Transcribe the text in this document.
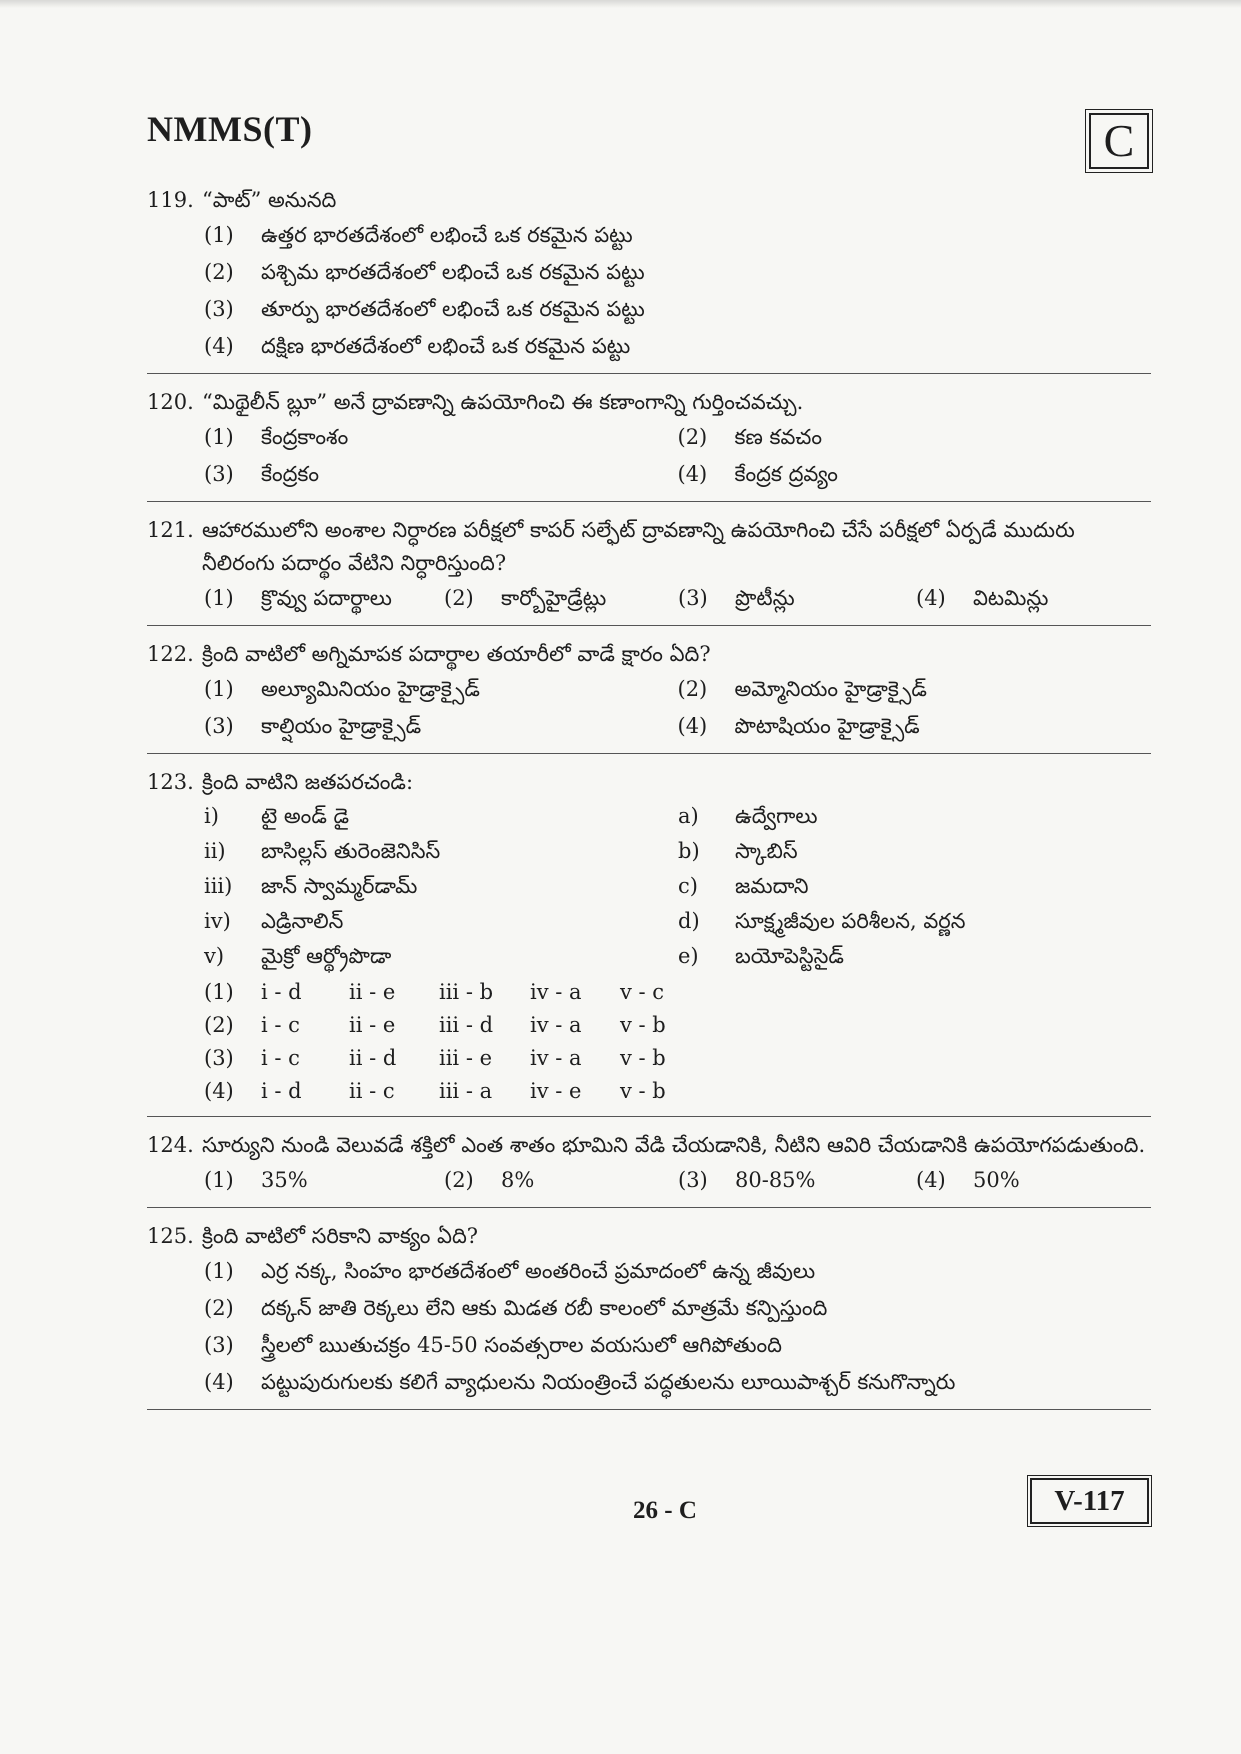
NMMS(T)	C
119. “పాట్” అనునది
(1)	ఉత్తర భారతదేశంలో లభించే ఒక రకమైన పట్టు
(2)	పశ్చిమ భారతదేశంలో లభించే ఒక రకమైన పట్టు
(3)	తూర్పు భారతదేశంలో లభించే ఒక రకమైన పట్టు
(4)	దక్షిణ భారతదేశంలో లభించే ఒక రకమైన పట్టు
120. “మిథైలీన్ బ్లూ” అనే ద్రావణాన్ని ఉపయోగించి ఈ కణాంగాన్ని గుర్తించవచ్చు.
(1)	కేంద్రకాంశం	(2)	కణ కవచం
(3)	కేంద్రకం	(4)	కేంద్రక ద్రవ్యం
121. ఆహారములోని అంశాల నిర్ధారణ పరీక్షలో కాపర్ సల్ఫేట్ ద్రావణాన్ని ఉపయోగించి చేసే పరీక్షలో ఏర్పడే ముదురు నీలిరంగు పదార్థం వేటిని నిర్ధారిస్తుంది?
(1)	క్రొవ్వు పదార్థాలు (2)	కార్బోహైడ్రేట్లు	(3)	ప్రొటీన్లు	(4)	విటమిన్లు
122. క్రింది వాటిలో అగ్నిమాపక పదార్థాల తయారీలో వాడే క్షారం ఏది?
(1)	అల్యూమినియం హైడ్రాక్సైడ్	(2)	అమ్మోనియం హైడ్రాక్సైడ్
(3)	కాల్షియం హైడ్రాక్సైడ్	(4)	పొటాషియం హైడ్రాక్సైడ్
123. క్రింది వాటిని జతపరచండి:
i)	టై అండ్ డై	a)	ఉద్వేగాలు
ii)	బాసిల్లస్ తురెంజెనిసిస్	b)	స్కాబిస్
iii)	జాన్ స్వామ్మర్‌డామ్	c)	జమదాని
iv)	ఎడ్రినాలిన్	d)	సూక్ష్మజీవుల పరిశీలన, వర్ణన
v)	మైక్రో ఆర్థ్రోపొడా	e)	బయోపెస్టిసైడ్
(1)	i - d	ii - e	iii - b	iv - a	v - c
(2)	i - c	ii - e	iii - d	iv - a	v - b
(3)	i - c	ii - d	iii - e	iv - a	v - b
(4)	i - d	ii - c	iii - a	iv - e	v - b
124. సూర్యుని నుండి వెలువడే శక్తిలో ఎంత శాతం భూమిని వేడి చేయడానికి, నీటిని ఆవిరి చేయడానికి ఉపయోగపడుతుంది.
(1)	35%	(2)	8%	(3)	80-85%	(4)	50%
125. క్రింది వాటిలో సరికాని వాక్యం ఏది?
(1)	ఎర్ర నక్క, సింహం భారతదేశంలో అంతరించే ప్రమాదంలో ఉన్న జీవులు
(2)	దక్కన్ జాతి రెక్కలు లేని ఆకు మిడత రబీ కాలంలో మాత్రమే కన్పిస్తుంది
(3)	స్త్రీలలో ఋతుచక్రం 45-50 సంవత్సరాల వయసులో ఆగిపోతుంది
(4)	పట్టుపురుగులకు కలిగే వ్యాధులను నియంత్రించే పద్ధతులను లూయిపాశ్చర్ కనుగొన్నారు
26 - C	V-117
